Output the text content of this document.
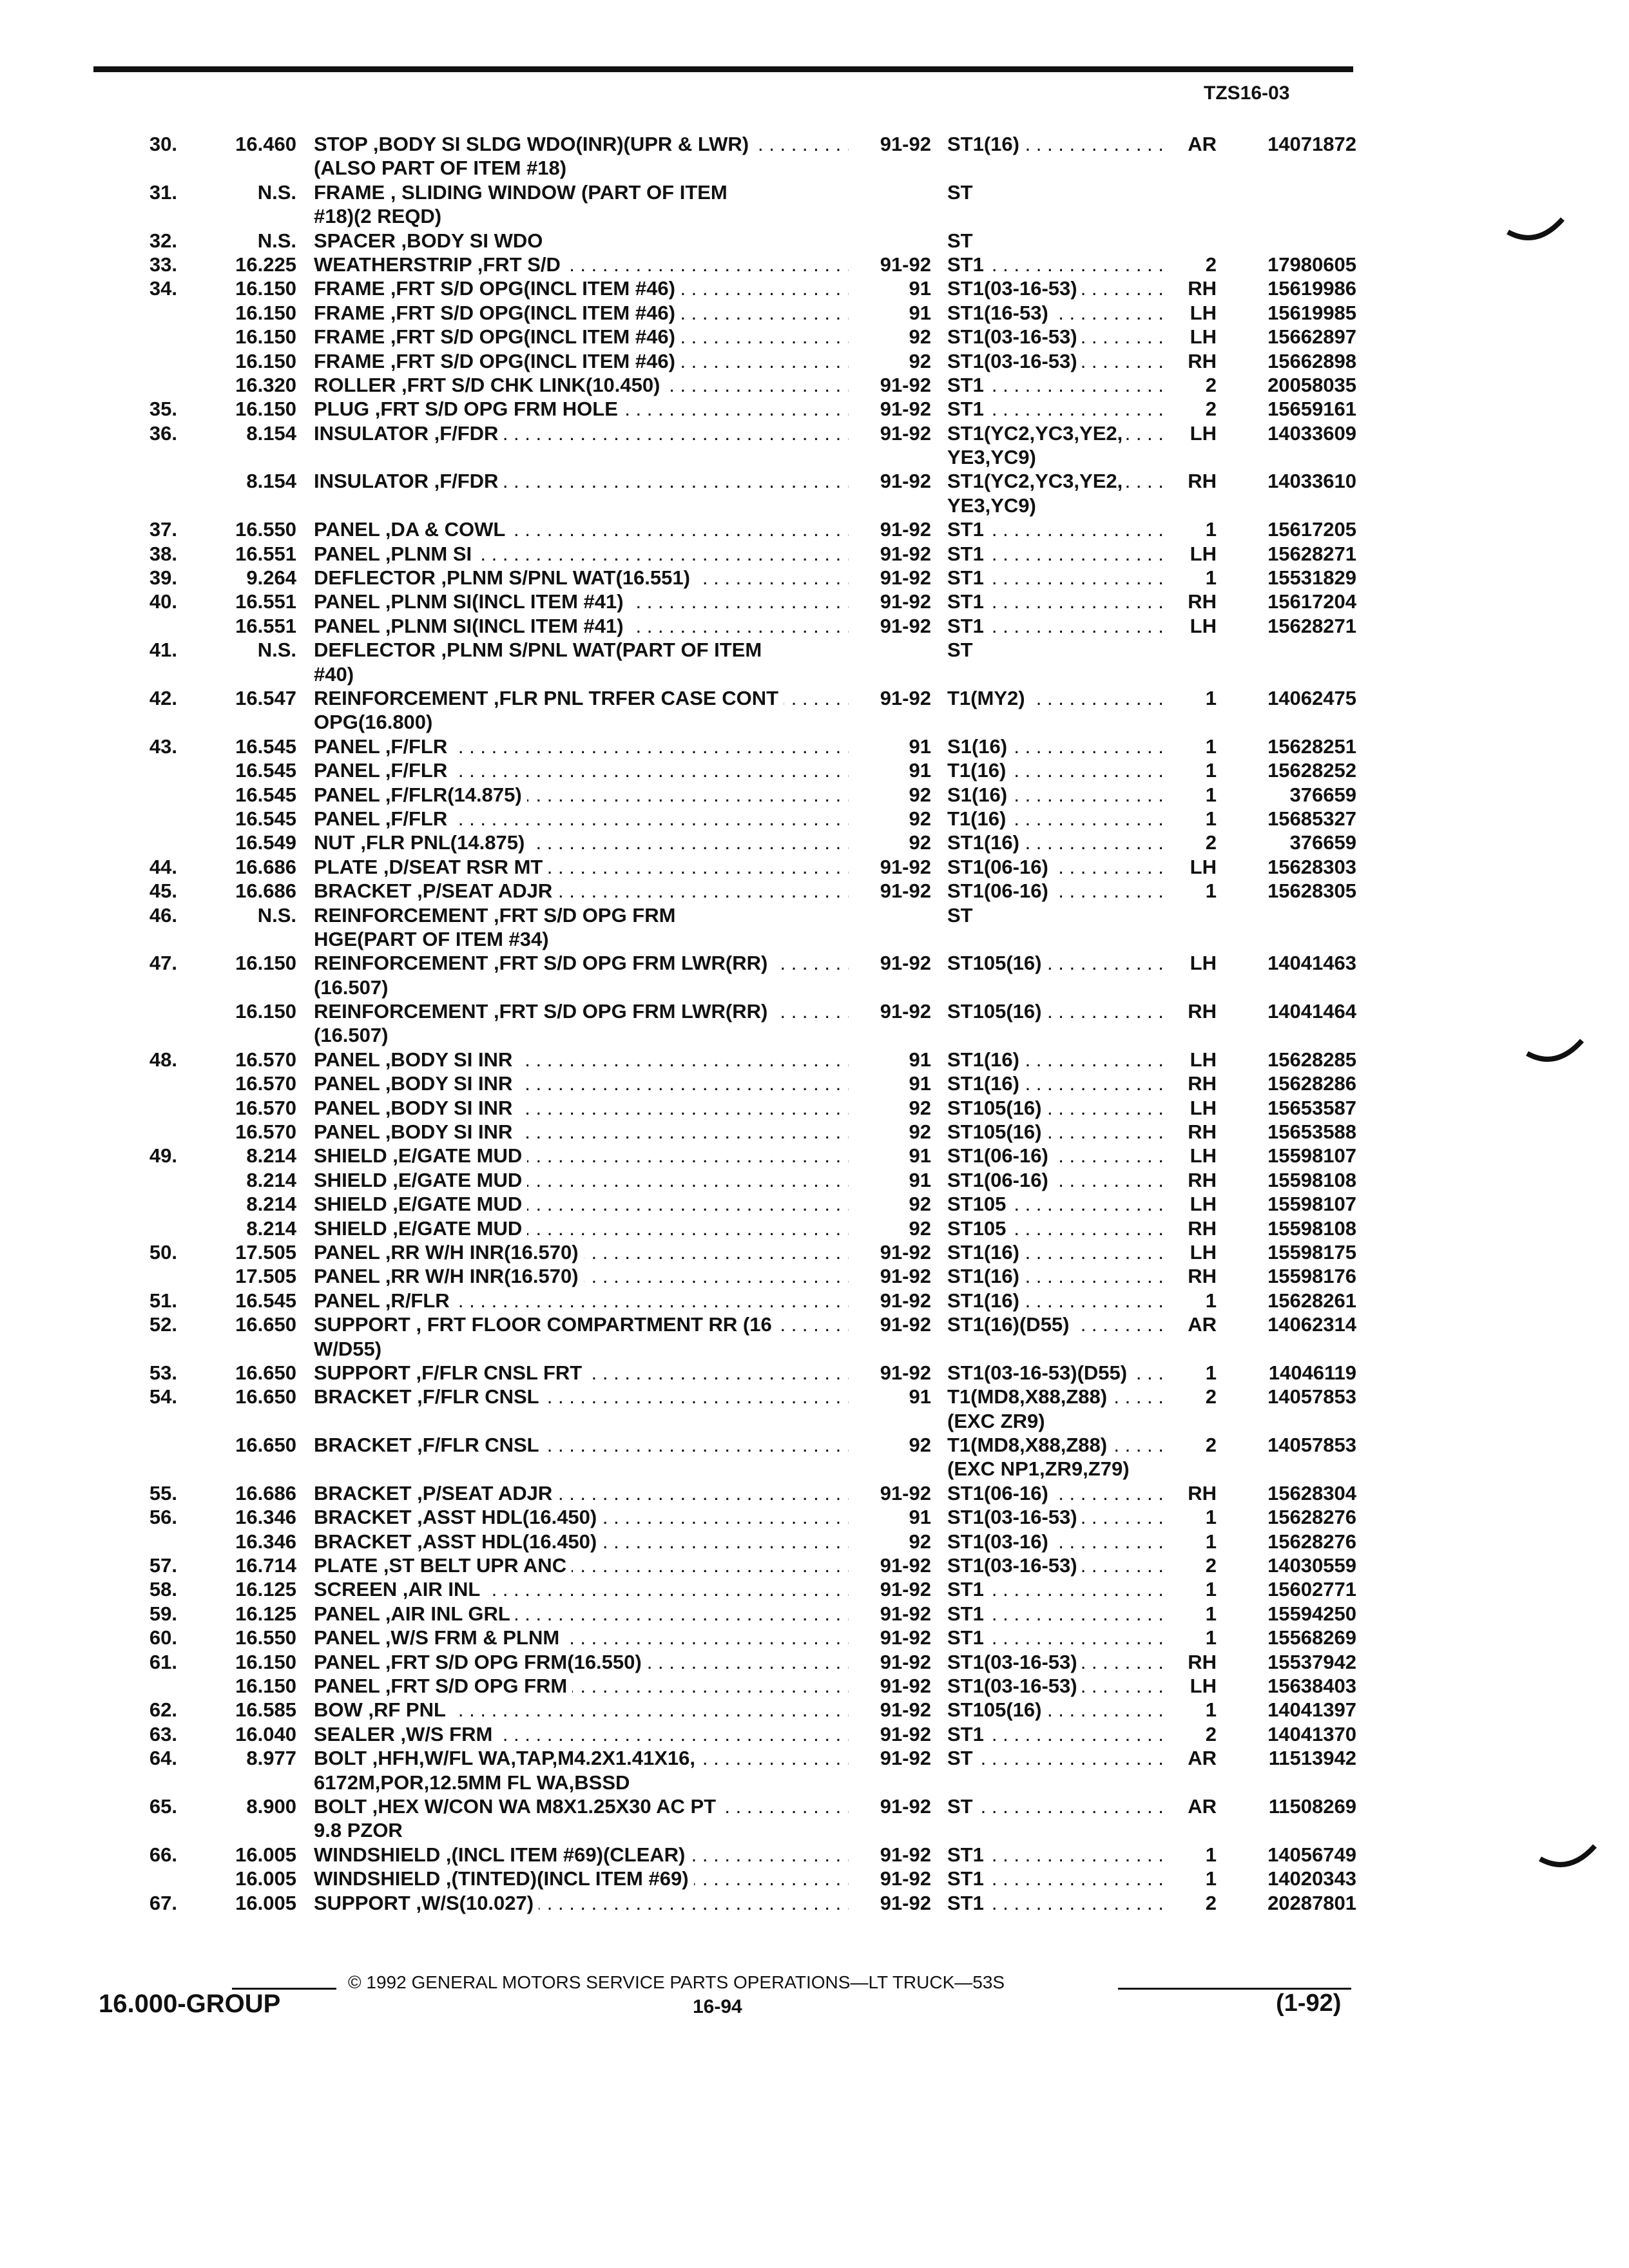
TZS16-03
30.	16.460 STOP ,BODY SI SLDG WDO(INR)(UPR & LWR) . . .	91-92 ST1(16) . . .	AR	14071872
(ALSO PART OF ITEM #18)
31.	N.S. FRAME , SLIDING WINDOW (PART OF ITEM	ST
#18)(2 REQD)
32.	N.S. SPACER ,BODY SI WDO	ST
33.	16.225 WEATHERSTRIP ,FRT S/D . . .	91-92 ST1 . . .	2	17980605
34.	16.150 FRAME ,FRT S/D OPG(INCL ITEM #46) . . .	91 ST1(03-16-53) . . .	RH	15619986
16.150 FRAME ,FRT S/D OPG(INCL ITEM #46) . . .	91 ST1(16-53) . . .	LH	15619985
16.150 FRAME ,FRT S/D OPG(INCL ITEM #46) . . .	92 ST1(03-16-53) . . .	LH	15662897
16.150 FRAME ,FRT S/D OPG(INCL ITEM #46) . . .	92 ST1(03-16-53) . . .	RH	15662898
16.320 ROLLER ,FRT S/D CHK LINK(10.450) . . .	91-92 ST1 . . .	2	20058035
35.	16.150 PLUG ,FRT S/D OPG FRM HOLE . . .	91-92 ST1 . . .	2	15659161
36.	8.154 INSULATOR ,F/FDR . . .	91-92 ST1(YC2,YC3,YE2, . . .	LH	14033609
YE3,YC9)
8.154 INSULATOR ,F/FDR . . .	91-92 ST1(YC2,YC3,YE2, . . .	RH	14033610
YE3,YC9)
37.	16.550 PANEL ,DA & COWL . . .	91-92 ST1 . . .	1	15617205
38.	16.551 PANEL ,PLNM SI . . .	91-92 ST1 . . .	LH	15628271
39.	9.264 DEFLECTOR ,PLNM S/PNL WAT(16.551) . . .	91-92 ST1 . . .	1	15531829
40.	16.551 PANEL ,PLNM SI(INCL ITEM #41) . . .	91-92 ST1 . . .	RH	15617204
16.551 PANEL ,PLNM SI(INCL ITEM #41) . . .	91-92 ST1 . . .	LH	15628271
41.	N.S. DEFLECTOR ,PLNM S/PNL WAT(PART OF ITEM	ST
#40)
42.	16.547 REINFORCEMENT ,FLR PNL TRFER CASE CONT . . .	91-92 T1(MY2) . . .	1	14062475
OPG(16.800)
43.	16.545 PANEL ,F/FLR . . .	91 S1(16) . . .	1	15628251
16.545 PANEL ,F/FLR . . .	91 T1(16) . . .	1	15628252
16.545 PANEL ,F/FLR(14.875) . . .	92 S1(16) . . .	1	376659
16.545 PANEL ,F/FLR . . .	92 T1(16) . . .	1	15685327
16.549 NUT ,FLR PNL(14.875) . . .	92 ST1(16) . . .	2	376659
44.	16.686 PLATE ,D/SEAT RSR MT . . .	91-92 ST1(06-16) . . .	LH	15628303
45.	16.686 BRACKET ,P/SEAT ADJR . . .	91-92 ST1(06-16) . . .	1	15628305
46.	N.S. REINFORCEMENT ,FRT S/D OPG FRM	ST
HGE(PART OF ITEM #34)
47.	16.150 REINFORCEMENT ,FRT S/D OPG FRM LWR(RR) . . .	91-92 ST105(16) . . .	LH	14041463
(16.507)
16.150 REINFORCEMENT ,FRT S/D OPG FRM LWR(RR) . . .	91-92 ST105(16) . . .	RH	14041464
(16.507)
48.	16.570 PANEL ,BODY SI INR . . .	91 ST1(16) . . .	LH	15628285
16.570 PANEL ,BODY SI INR . . .	91 ST1(16) . . .	RH	15628286
16.570 PANEL ,BODY SI INR . . .	92 ST105(16) . . .	LH	15653587
16.570 PANEL ,BODY SI INR . . .	92 ST105(16) . . .	RH	15653588
49.	8.214 SHIELD ,E/GATE MUD . . .	91 ST1(06-16) . . .	LH	15598107
8.214 SHIELD ,E/GATE MUD . . .	91 ST1(06-16) . . .	RH	15598108
8.214 SHIELD ,E/GATE MUD . . .	92 ST105 . . .	LH	15598107
8.214 SHIELD ,E/GATE MUD . . .	92 ST105 . . .	RH	15598108
50.	17.505 PANEL ,RR W/H INR(16.570) . . .	91-92 ST1(16) . . .	LH	15598175
17.505 PANEL ,RR W/H INR(16.570) . . .	91-92 ST1(16) . . .	RH	15598176
51.	16.545 PANEL ,R/FLR . . .	91-92 ST1(16) . . .	1	15628261
52.	16.650 SUPPORT , FRT FLOOR COMPARTMENT RR (16 . . .	91-92 ST1(16)(D55) . . .	AR	14062314
W/D55)
53.	16.650 SUPPORT ,F/FLR CNSL FRT . . .	91-92 ST1(03-16-53)(D55) . . .	1	14046119
54.	16.650 BRACKET ,F/FLR CNSL . . .	91 T1(MD8,X88,Z88) . . .	2	14057853
(EXC ZR9)
16.650 BRACKET ,F/FLR CNSL . . .	92 T1(MD8,X88,Z88) . . .	2	14057853
(EXC NP1,ZR9,Z79)
55.	16.686 BRACKET ,P/SEAT ADJR . . .	91-92 ST1(06-16) . . .	RH	15628304
56.	16.346 BRACKET ,ASST HDL(16.450) . . .	91 ST1(03-16-53) . . .	1	15628276
16.346 BRACKET ,ASST HDL(16.450) . . .	92 ST1(03-16) . . .	1	15628276
57.	16.714 PLATE ,ST BELT UPR ANC . . .	91-92 ST1(03-16-53) . . .	2	14030559
58.	16.125 SCREEN ,AIR INL . . .	91-92 ST1 . . .	1	15602771
59.	16.125 PANEL ,AIR INL GRL . . .	91-92 ST1 . . .	1	15594250
60.	16.550 PANEL ,W/S FRM & PLNM . . .	91-92 ST1 . . .	1	15568269
61.	16.150 PANEL ,FRT S/D OPG FRM(16.550) . . .	91-92 ST1(03-16-53) . . .	RH	15537942
16.150 PANEL ,FRT S/D OPG FRM . . .	91-92 ST1(03-16-53) . . .	LH	15638403
62.	16.585 BOW ,RF PNL . . .	91-92 ST105(16) . . .	1	14041397
63.	16.040 SEALER ,W/S FRM . . .	91-92 ST1 . . .	2	14041370
64.	8.977 BOLT ,HFH,W/FL WA,TAP,M4.2X1.41X16, . . .	91-92 ST . . .	AR	11513942
6172M,POR,12.5MM FL WA,BSSD
65.	8.900 BOLT ,HEX W/CON WA M8X1.25X30 AC PT . . .	91-92 ST . . .	AR	11508269
9.8 PZOR
66.	16.005 WINDSHIELD ,(INCL ITEM #69)(CLEAR) . . .	91-92 ST1 . . .	1	14056749
16.005 WINDSHIELD ,(TINTED)(INCL ITEM #69) . . .	91-92 ST1 . . .	1	14020343
67.	16.005 SUPPORT ,W/S(10.027) . . .	91-92 ST1 . . .	2	20287801
© 1992 GENERAL MOTORS SERVICE PARTS OPERATIONS—LT TRUCK—53S
16.000-GROUP	16-94	(1-92)
